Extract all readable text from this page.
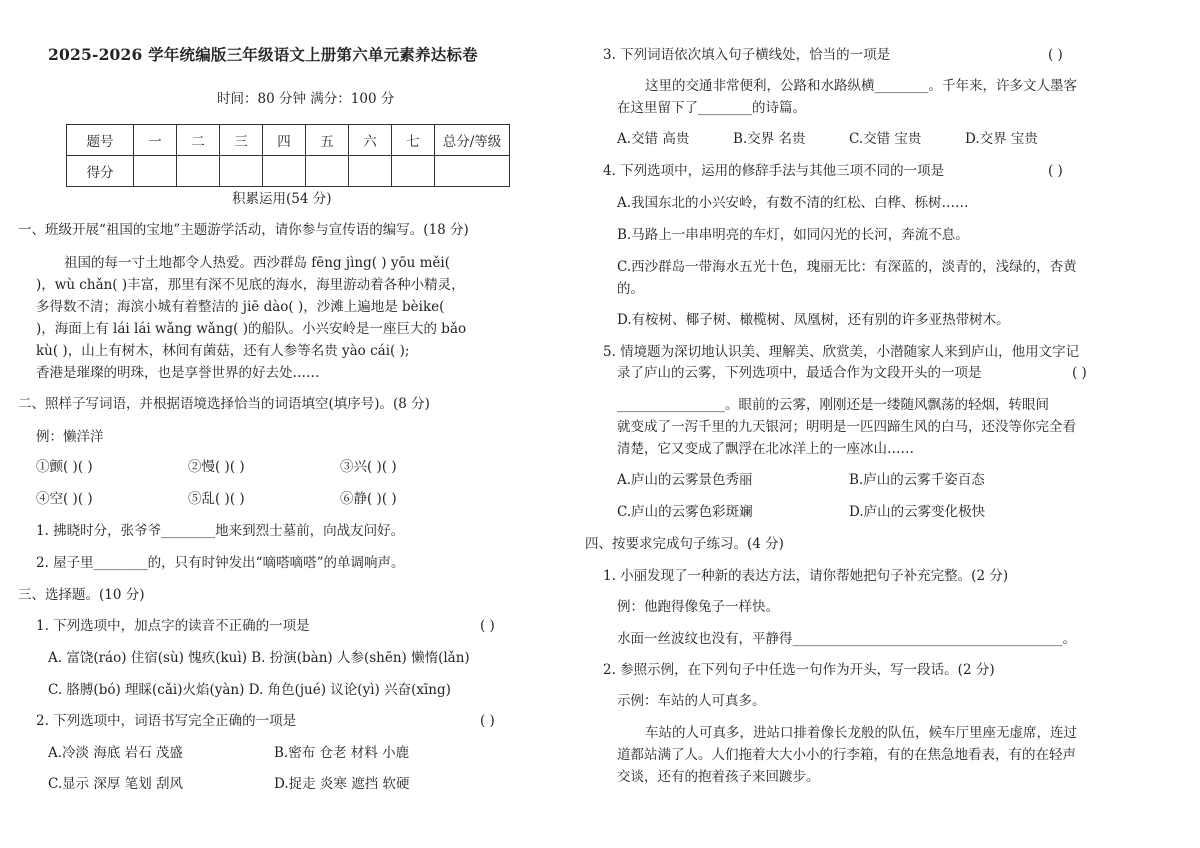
2025-2026 学年统编版三年级语文上册第六单元素养达标卷
时间：80 分钟 满分：100 分
题号	一	二	三	四	五	六	七	总分/等级
得分								
积累运用(54 分)
一、班级开展“祖国的宝地”主题游学活动，请你参与宣传语的编写。(18 分)
祖国的每一寸土地都令人热爱。西沙群岛 fēng jìng( ) yōu měi(
)，wù chǎn( )丰富，那里有深不见底的海水，海里游动着各种小精灵，
多得数不清；海滨小城有着整洁的 jiē dào( )，沙滩上遍地是 bèike(
)，海面上有 lái lái wǎng wǎng( )的船队。小兴安岭是一座巨大的 bǎo
kù( )，山上有树木，林间有菌菇，还有人参等名贵 yào cái( );
香港是璀璨的明珠，也是享誉世界的好去处……
二、照样子写词语，并根据语境选择恰当的词语填空(填序号)。(8 分)
例：懒洋洋
①颤( )( )	②慢( )( )	③兴( )( )
④空( )( )	⑤乱( )( )	⑥静( )( )
1. 拂晓时分，张爷爷________地来到烈士墓前，向战友问好。
2. 屋子里________的，只有时钟发出“嘀嗒嘀嗒”的单调响声。
三、选择题。(10 分)
1. 下列选项中，加点字的读音不正确的一项是	( )
A. 富饶(ráo) 住宿(sù) 愧疚(kuì) B. 扮演(bàn) 人参(shēn) 懒惰(lǎn)
C. 胳膊(bó) 理睬(cǎi)火焰(yàn) D. 角色(jué) 议论(yì) 兴奋(xīng)
2. 下列选项中，词语书写完全正确的一项是	( )
A.冷淡 海底 岩石 茂盛	B.密布 仓老 材料 小鹿
C.显示 深厚 笔划 刮风	D.捉走 炎寒 遮挡 软硬
3. 下列词语依次填入句子横线处，恰当的一项是	( )
这里的交通非常便利，公路和水路纵横________。千年来，许多文人墨客
在这里留下了________的诗篇。
A.交错 高贵	B.交界 名贵	C.交错 宝贵	D.交界 宝贵
4. 下列选项中，运用的修辞手法与其他三项不同的一项是	( )
A.我国东北的小兴安岭，有数不清的红松、白桦、栎树……
B.马路上一串串明亮的车灯，如同闪光的长河，奔流不息。
C.西沙群岛一带海水五光十色，瑰丽无比：有深蓝的，淡青的，浅绿的，杏黄
的。
D.有桉树、椰子树、橄榄树、凤凰树，还有别的许多亚热带树木。
5. 情境题为深切地认识美、理解美、欣赏美，小潜随家人来到庐山，他用文字记
录了庐山的云雾，下列选项中，最适合作为文段开头的一项是	( )
________________。眼前的云雾，刚刚还是一缕随风飘荡的轻烟，转眼间
就变成了一泻千里的九天银河；明明是一匹四蹄生风的白马，还没等你完全看
清楚，它又变成了飘浮在北冰洋上的一座冰山……
A.庐山的云雾景色秀丽	B.庐山的云雾千姿百态
C.庐山的云雾色彩斑斓	D.庐山的云雾变化极快
四、按要求完成句子练习。(4 分)
1. 小丽发现了一种新的表达方法，请你帮她把句子补充完整。(2 分)
例：他跑得像兔子一样快。
水面一丝波纹也没有，平静得________________________________________。
2. 参照示例，在下列句子中任选一句作为开头，写一段话。(2 分)
示例：车站的人可真多。
车站的人可真多，进站口排着像长龙般的队伍，候车厅里座无虚席，连过
道都站满了人。人们拖着大大小小的行李箱，有的在焦急地看表，有的在轻声
交谈，还有的抱着孩子来回踱步。
